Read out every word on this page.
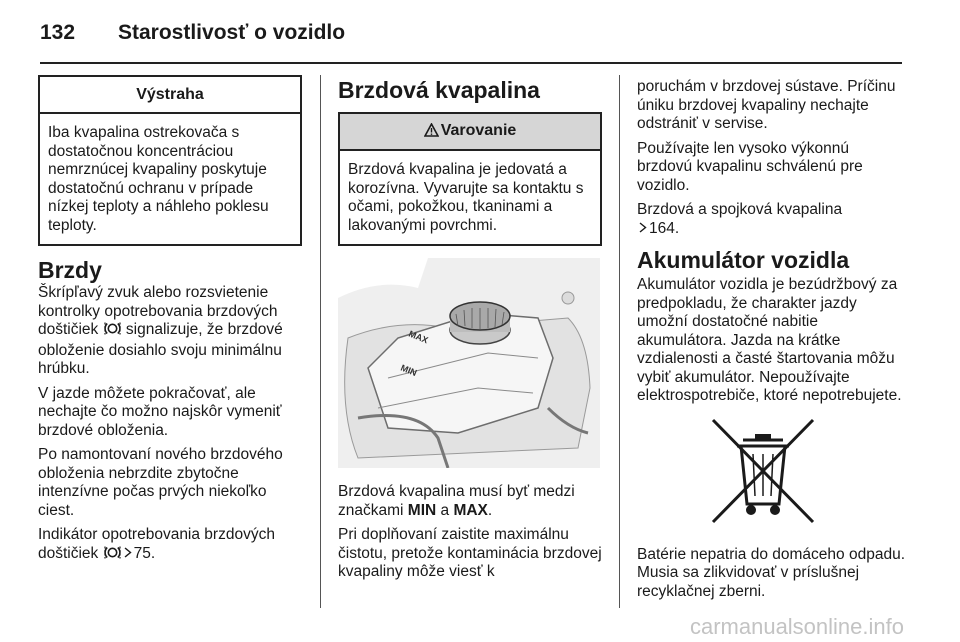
132	Starostlivosť o vozidlo
Výstraha
Iba kvapalina ostrekovača s dostatočnou koncentráciou nemrznúcej kvapaliny poskytuje dostatočnú ochranu v prípade nízkej teploty a náhleho poklesu teploty.
Brzdy

Škrípľavý zvuk alebo rozsvietenie kontrolky opotrebovania brzdových doštičiek  signalizuje, že brzdové obloženie dosiahlo svoju minimálnu hrúbku.

V jazde môžete pokračovať, ale nechajte čo možno najskôr vymeniť brzdové obloženia.

Po namontovaní nového brzdového obloženia nebrzdite zbytočne intenzívne počas prvých niekoľko ciest.

Indikátor opotrebovania brzdových doštičiek 75.

Brzdová kvapalina
Varovanie
Brzdová kvapalina je jedovatá a korozívna. Vyvarujte sa kontaktu s očami, pokožkou, tkaninami a lakovanými povrchmi.
MAX
MIN

Brzdová kvapalina musí byť medzi značkami MIN a MAX.

Pri doplňovaní zaistite maximálnu čistotu, pretože kontaminácia brzdovej kvapaliny môže viesť k

poruchám v brzdovej sústave. Príčinu úniku brzdovej kvapaliny nechajte odstrániť v servise.

Používajte len vysoko výkonnú brzdovú kvapalinu schválenú pre vozidlo.

Brzdová a spojková kvapalina
164.

Akumulátor vozidla

Akumulátor vozidla je bezúdržbový za predpokladu, že charakter jazdy umožní dostatočné nabitie akumulátora. Jazda na krátke vzdialenosti a časté štartovania môžu vybiť akumulátor. Nepoužívajte elektrospotrebiče, ktoré nepotrebujete.

Batérie nepatria do domáceho odpadu. Musia sa zlikvidovať v príslušnej recyklačnej zberni.

carmanualsonline.info
